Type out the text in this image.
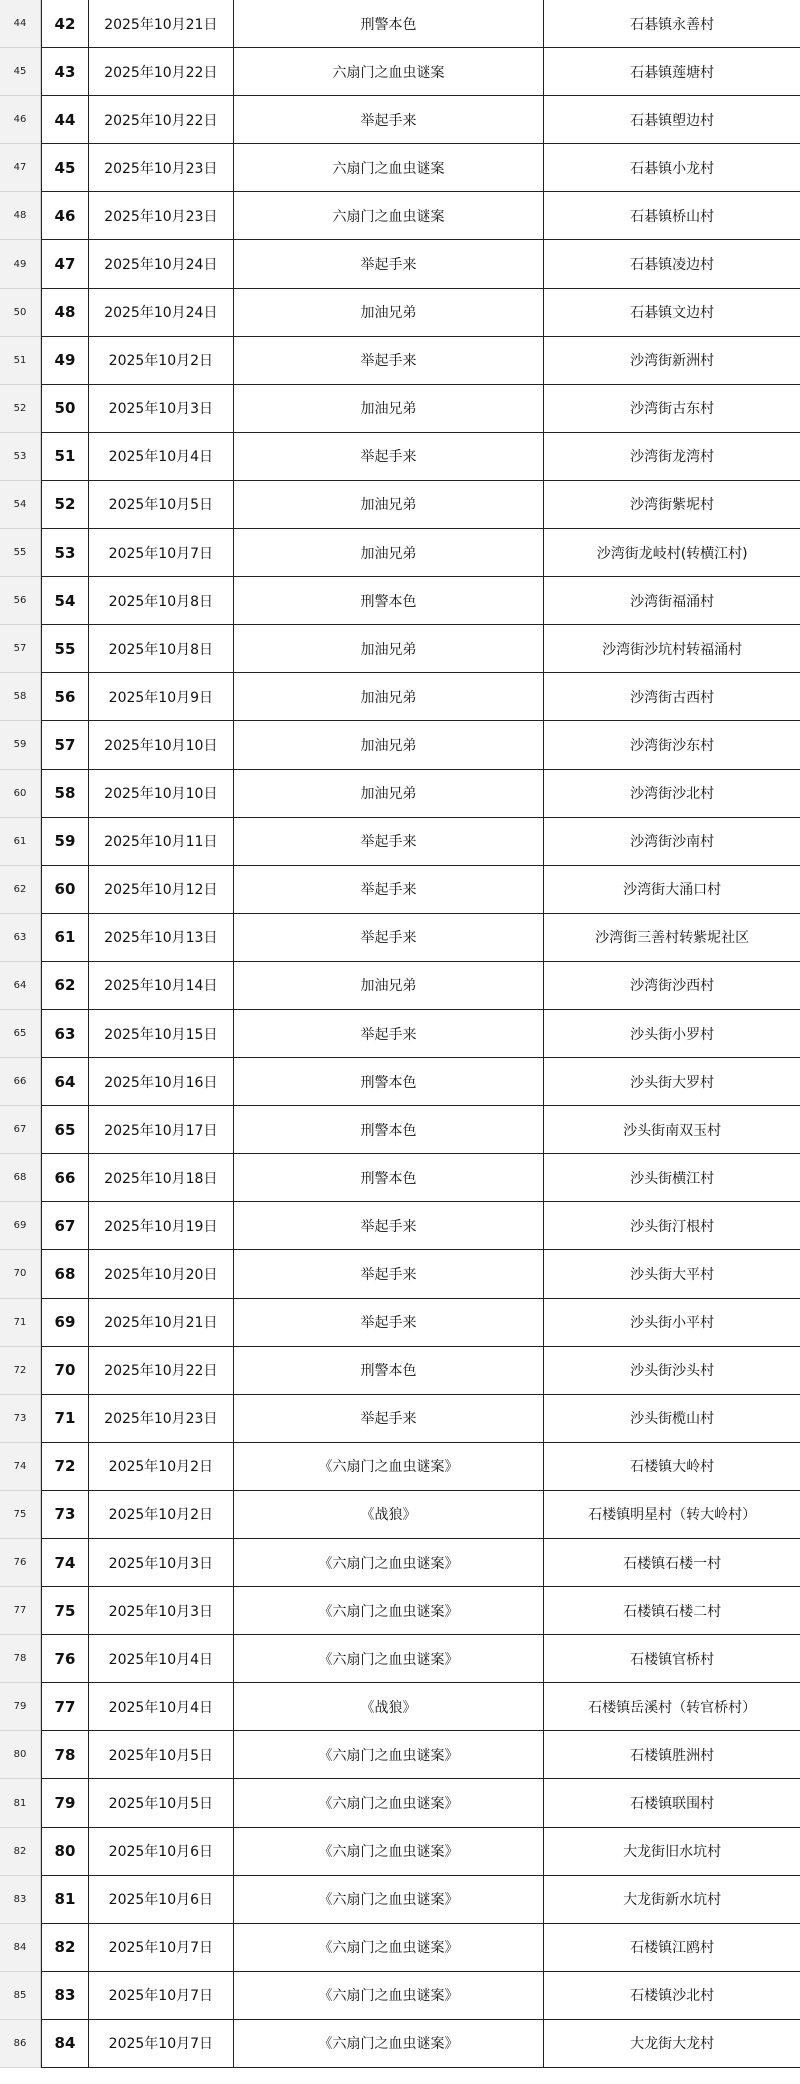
44	42	2025年10月21日	刑警本色	石碁镇永善村
45	43	2025年10月22日	六扇门之血虫谜案	石碁镇莲塘村
46	44	2025年10月22日	举起手来	石碁镇塱边村
47	45	2025年10月23日	六扇门之血虫谜案	石碁镇小龙村
48	46	2025年10月23日	六扇门之血虫谜案	石碁镇桥山村
49	47	2025年10月24日	举起手来	石碁镇凌边村
50	48	2025年10月24日	加油兄弟	石碁镇文边村
51	49	2025年10月2日	举起手来	沙湾街新洲村
52	50	2025年10月3日	加油兄弟	沙湾街古东村
53	51	2025年10月4日	举起手来	沙湾街龙湾村
54	52	2025年10月5日	加油兄弟	沙湾街紫坭村
55	53	2025年10月7日	加油兄弟	沙湾街龙岐村(转横江村)
56	54	2025年10月8日	刑警本色	沙湾街福涌村
57	55	2025年10月8日	加油兄弟	沙湾街沙坑村转福涌村
58	56	2025年10月9日	加油兄弟	沙湾街古西村
59	57	2025年10月10日	加油兄弟	沙湾街沙东村
60	58	2025年10月10日	加油兄弟	沙湾街沙北村
61	59	2025年10月11日	举起手来	沙湾街沙南村
62	60	2025年10月12日	举起手来	沙湾街大涌口村
63	61	2025年10月13日	举起手来	沙湾街三善村转紫坭社区
64	62	2025年10月14日	加油兄弟	沙湾街沙西村
65	63	2025年10月15日	举起手来	沙头街小罗村
66	64	2025年10月16日	刑警本色	沙头街大罗村
67	65	2025年10月17日	刑警本色	沙头街南双玉村
68	66	2025年10月18日	刑警本色	沙头街横江村
69	67	2025年10月19日	举起手来	沙头街汀根村
70	68	2025年10月20日	举起手来	沙头街大平村
71	69	2025年10月21日	举起手来	沙头街小平村
72	70	2025年10月22日	刑警本色	沙头街沙头村
73	71	2025年10月23日	举起手来	沙头街榄山村
74	72	2025年10月2日	《六扇门之血虫谜案》	石楼镇大岭村
75	73	2025年10月2日	《战狼》	石楼镇明星村（转大岭村）
76	74	2025年10月3日	《六扇门之血虫谜案》	石楼镇石楼一村
77	75	2025年10月3日	《六扇门之血虫谜案》	石楼镇石楼二村
78	76	2025年10月4日	《六扇门之血虫谜案》	石楼镇官桥村
79	77	2025年10月4日	《战狼》	石楼镇岳溪村（转官桥村）
80	78	2025年10月5日	《六扇门之血虫谜案》	石楼镇胜洲村
81	79	2025年10月5日	《六扇门之血虫谜案》	石楼镇联围村
82	80	2025年10月6日	《六扇门之血虫谜案》	大龙街旧水坑村
83	81	2025年10月6日	《六扇门之血虫谜案》	大龙街新水坑村
84	82	2025年10月7日	《六扇门之血虫谜案》	石楼镇江鸥村
85	83	2025年10月7日	《六扇门之血虫谜案》	石楼镇沙北村
86	84	2025年10月7日	《六扇门之血虫谜案》	大龙街大龙村
